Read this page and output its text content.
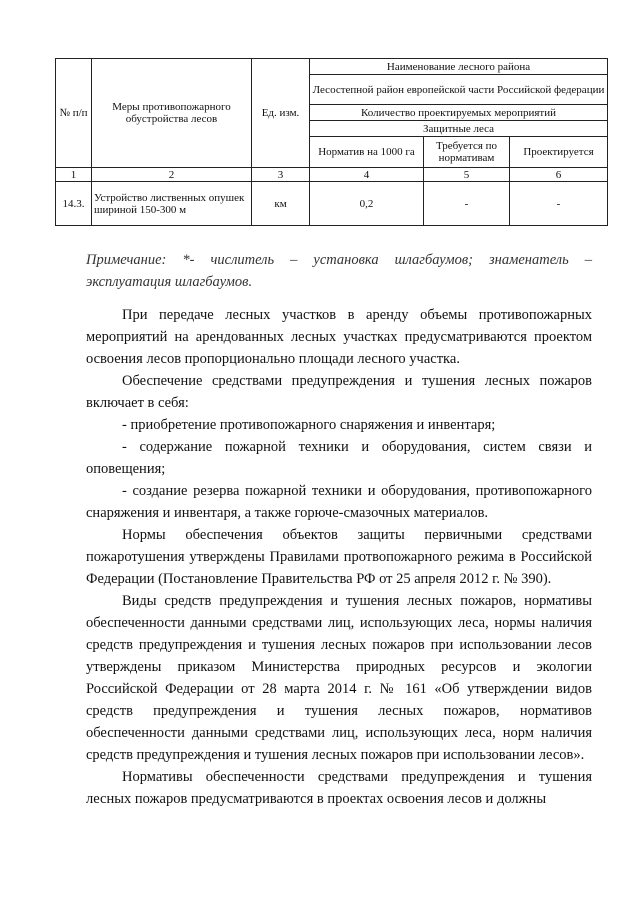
№ п/п	Меры противопожарного обустройства лесов	Ед. изм.	Наименование лесного района		
			Лесостепной район европейской части Российской федерации		
			Количество проектируемых мероприятий		
			Защитные леса		
			Норматив на 1000 га	Требуется по нормативам	Проектируется
1	2	3	4	5	6
14.3.	Устройство лиственных опушек шириной 150-300 м	км	0,2	-	-
Примечание: *- числитель – установка шлагбаумов; знаменатель – эксплуатация шлагбаумов.

При передаче лесных участков в аренду объемы противопожарных мероприятий на арендованных лесных участках предусматриваются проектом освоения лесов пропорционально площади лесного участка.

Обеспечение средствами предупреждения и тушения лесных пожаров включает в себя:

- приобретение противопожарного снаряжения и инвентаря;

- содержание пожарной техники и оборудования, систем связи и оповещения;

- создание резерва пожарной техники и оборудования, противопожарного снаряжения и инвентаря, а также горюче-смазочных материалов.

Нормы обеспечения объектов защиты первичными средствами пожаротушения утверждены Правилами протвопожарного режима в Российской Федерации (Постановление Правительства РФ от 25 апреля 2012 г. № 390).

Виды средств предупреждения и тушения лесных пожаров, нормативы обеспеченности данными средствами лиц, использующих леса, нормы наличия средств предупреждения и тушения лесных пожаров при использовании лесов утверждены приказом Министерства природных ресурсов и экологии Российской Федерации от 28 марта 2014 г. № 161 «Об утверждении видов средств предупреждения и тушения лесных пожаров, нормативов обеспеченности данными средствами лиц, использующих леса, норм наличия средств предупреждения и тушения лесных пожаров при использовании лесов».

Нормативы обеспеченности средствами предупреждения и тушения лесных пожаров предусматриваются в проектах освоения лесов и должны
